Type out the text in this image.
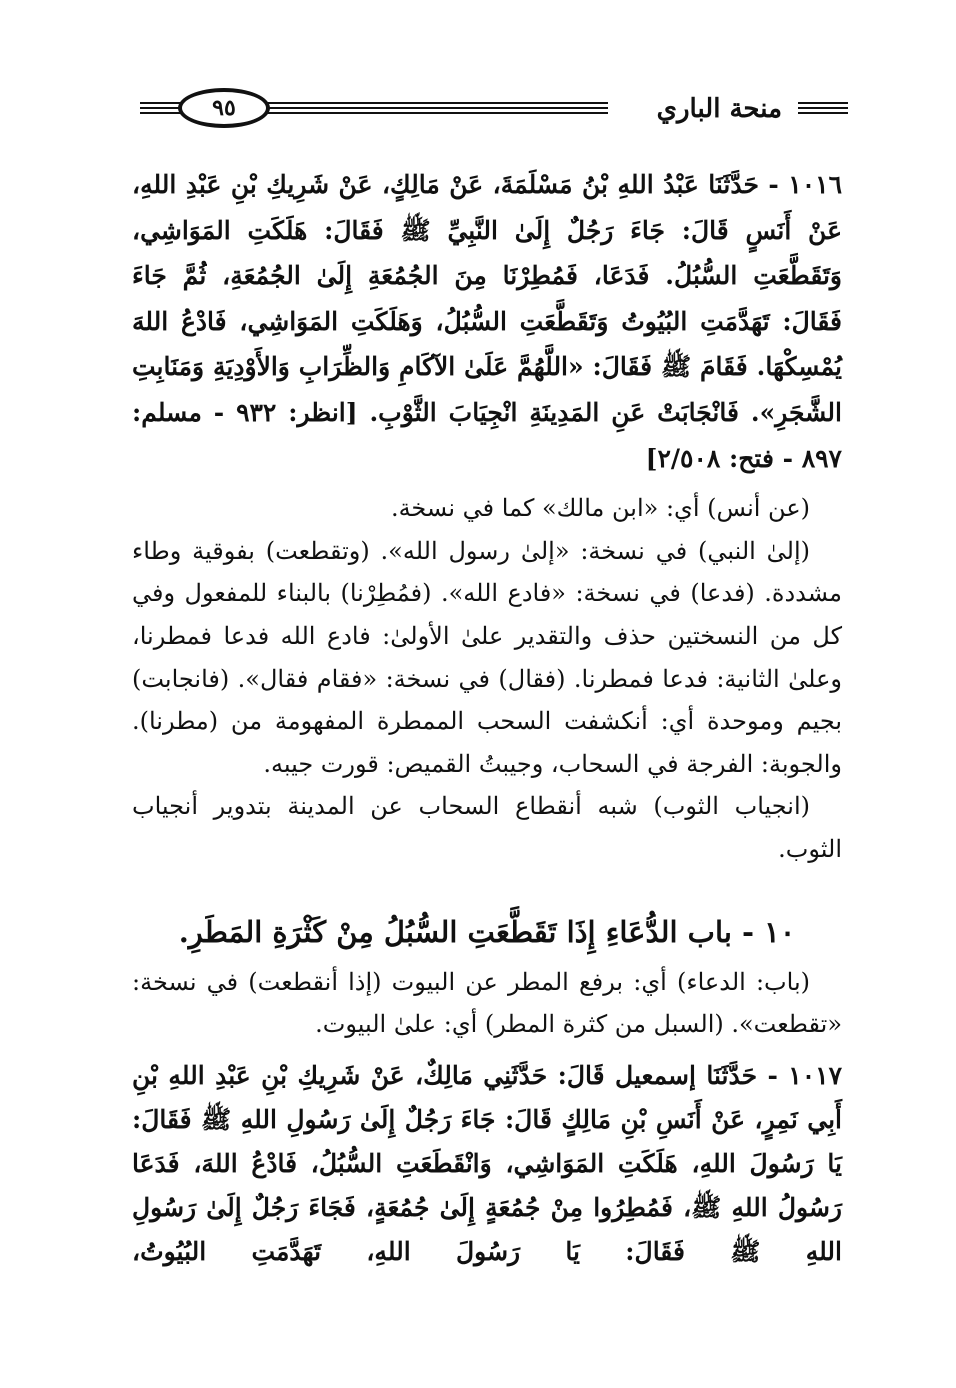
٩٥	منحة الباري

١٠١٦ - حَدَّثَنَا عَبْدُ اللهِ بْنُ مَسْلَمَةَ، عَنْ مَالِكٍ، عَنْ شَرِيكِ بْنِ عَبْدِ اللهِ، عَنْ أَنَسٍ قَالَ: جَاءَ رَجُلٌ إِلَىٰ النَّبِيِّ ﷺ فَقَالَ: هَلَكَتِ المَوَاشِي، وَتَقَطَّعَتِ السُّبُلُ. فَدَعَا، فَمُطِرْنَا مِنَ الجُمُعَةِ إِلَىٰ الجُمُعَةِ، ثُمَّ جَاءَ فَقَالَ: تَهَدَّمَتِ البُيُوتُ وَتَقَطَّعَتِ السُّبُلُ، وَهَلَكَتِ المَوَاشِي، فَادْعُ اللهَ يُمْسِكْهَا. فَقَامَ ﷺ فَقَالَ: «اللَّهُمَّ عَلَىٰ الآكَامِ وَالظِّرَابِ وَالأَوْدِيَةِ وَمَنَابِتِ الشَّجَرِ». فَانْجَابَتْ عَنِ المَدِينَةِ انْجِيَابَ الثَّوْبِ. [انظر: ٩٣٢ - مسلم: ٨٩٧ - فتح: ٢/٥٠٨]

(عن أنس) أي: «ابن مالك» كما في نسخة.

(إلىٰ النبي) في نسخة: «إلىٰ رسول الله». (وتقطعت) بفوقية وطاء مشددة. (فدعا) في نسخة: «فادع الله». (فمُطِرْنا) بالبناء للمفعول وفي كل من النسختين حذف والتقدير علىٰ الأولىٰ: فادع الله فدعا فمطرنا، وعلىٰ الثانية: فدعا فمطرنا. (فقال) في نسخة: «فقام فقال». (فانجابت) بجيم وموحدة أي: أنكشفت السحب الممطرة المفهومة من (مطرنا). والجوبة: الفرجة في السحاب، وجيبتُ القميص: قورت جيبه.

(انجياب الثوب) شبه أنقطاع السحاب عن المدينة بتدوير أنجياب الثوب.

١٠ - باب الدُّعَاءِ إِذَا تَقَطَّعَتِ السُّبُلُ مِنْ كَثْرَةِ المَطَرِ.

(باب: الدعاء) أي: برفع المطر عن البيوت (إذا أنقطعت) في نسخة: «تقطعت». (السبل من كثرة المطر) أي: علىٰ البيوت.

١٠١٧ - حَدَّثَنَا إسمعيل قَالَ: حَدَّثَنِي مَالِكٌ، عَنْ شَرِيكِ بْنِ عَبْدِ اللهِ بْنِ أَبِي نَمِرٍ، عَنْ أَنَسِ بْنِ مَالِكٍ قَالَ: جَاءَ رَجُلٌ إِلَىٰ رَسُولِ اللهِ ﷺ فَقَالَ: يَا رَسُولَ اللهِ، هَلَكَتِ المَوَاشِي، وَانْقَطَعَتِ السُّبُلُ، فَادْعُ اللهَ، فَدَعَا رَسُولُ اللهِ ﷺ، فَمُطِرُوا مِنْ جُمُعَةٍ إِلَىٰ جُمُعَةٍ، فَجَاءَ رَجُلٌ إِلَىٰ رَسُولِ اللهِ ﷺ فَقَالَ: يَا رَسُولَ اللهِ، تَهَدَّمَتِ البُيُوتُ،
